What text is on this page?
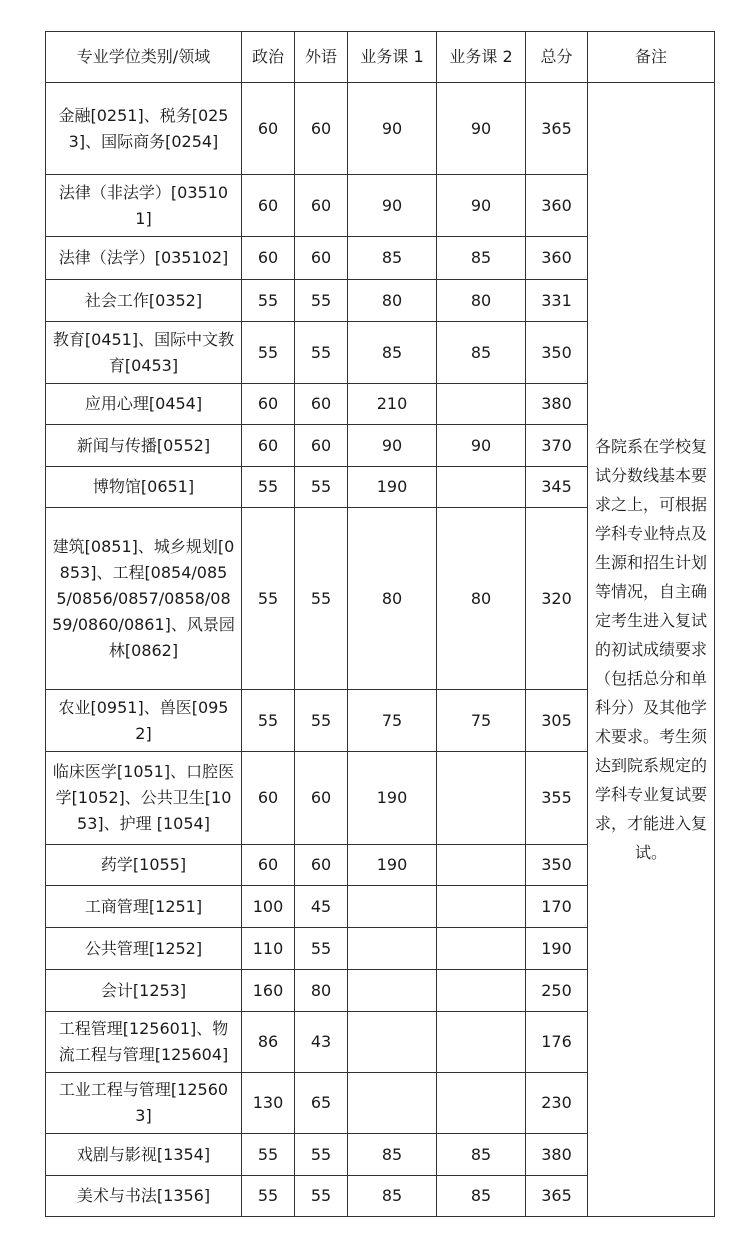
专业学位类别/领域	政治	外语	业务课 1	业务课 2	总分	备注
金融[0251]、税务[0253]、国际商务[0254]	60	60	90	90	365	各院系在学校复试分数线基本要求之上，可根据学科专业特点及生源和招生计划等情况，自主确定考生进入复试的初试成绩要求（包括总分和单科分）及其他学术要求。考生须达到院系规定的学科专业复试要求，才能进入复试。
法律（非法学）[035101]	60	60	90	90	360	
法律（法学）[035102]	60	60	85	85	360	
社会工作[0352]	55	55	80	80	331	
教育[0451]、国际中文教育[0453]	55	55	85	85	350	
应用心理[0454]	60	60	210		380	
新闻与传播[0552]	60	60	90	90	370	
博物馆[0651]	55	55	190		345	
建筑[0851]、城乡规划[0853]、工程[0854/0855/0856/0857/0858/0859/0860/0861]、风景园林[0862]	55	55	80	80	320	
农业[0951]、兽医[0952]	55	55	75	75	305	
临床医学[1051]、口腔医学[1052]、公共卫生[1053]、护理 [1054]	60	60	190		355	
药学[1055]	60	60	190		350	
工商管理[1251]	100	45			170	
公共管理[1252]	110	55			190	
会计[1253]	160	80			250	
工程管理[125601]、物流工程与管理[125604]	86	43			176	
工业工程与管理[125603]	130	65			230	
戏剧与影视[1354]	55	55	85	85	380	
美术与书法[1356]	55	55	85	85	365	
